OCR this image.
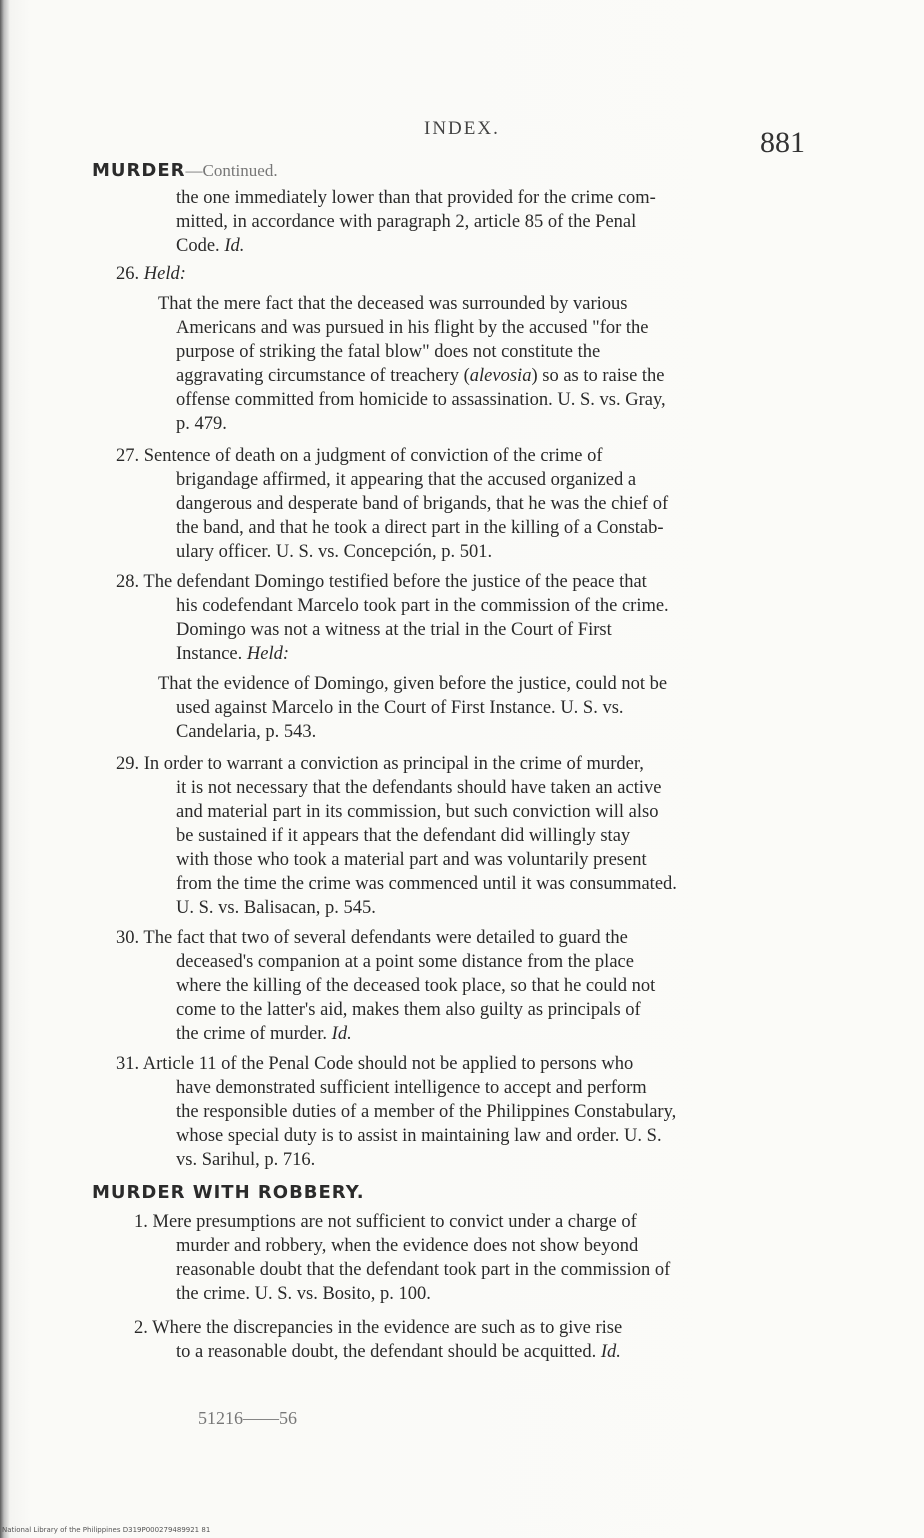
INDEX.	881
MURDER—Continued.
the one immediately lower than that provided for the crime com-
mitted, in accordance with paragraph 2, article 85 of the Penal
Code. Id.
26. Held:
That the mere fact that the deceased was surrounded by various
Americans and was pursued in his flight by the accused "for the
purpose of striking the fatal blow" does not constitute the
aggravating circumstance of treachery (alevosia) so as to raise the
offense committed from homicide to assassination. U. S. vs. Gray,
p. 479.
27. Sentence of death on a judgment of conviction of the crime of
brigandage affirmed, it appearing that the accused organized a
dangerous and desperate band of brigands, that he was the chief of
the band, and that he took a direct part in the killing of a Constab-
ulary officer. U. S. vs. Concepción, p. 501.
28. The defendant Domingo testified before the justice of the peace that
his codefendant Marcelo took part in the commission of the crime.
Domingo was not a witness at the trial in the Court of First
Instance. Held:
That the evidence of Domingo, given before the justice, could not be
used against Marcelo in the Court of First Instance. U. S. vs.
Candelaria, p. 543.
29. In order to warrant a conviction as principal in the crime of murder,
it is not necessary that the defendants should have taken an active
and material part in its commission, but such conviction will also
be sustained if it appears that the defendant did willingly stay
with those who took a material part and was voluntarily present
from the time the crime was commenced until it was consummated.
U. S. vs. Balisacan, p. 545.
30. The fact that two of several defendants were detailed to guard the
deceased's companion at a point some distance from the place
where the killing of the deceased took place, so that he could not
come to the latter's aid, makes them also guilty as principals of
the crime of murder. Id.
31. Article 11 of the Penal Code should not be applied to persons who
have demonstrated sufficient intelligence to accept and perform
the responsible duties of a member of the Philippines Constabulary,
whose special duty is to assist in maintaining law and order. U. S.
vs. Sarihul, p. 716.
MURDER WITH ROBBERY.
1. Mere presumptions are not sufficient to convict under a charge of
murder and robbery, when the evidence does not show beyond
reasonable doubt that the defendant took part in the commission of
the crime. U. S. vs. Bosito, p. 100.
2. Where the discrepancies in the evidence are such as to give rise
to a reasonable doubt, the defendant should be acquitted. Id.
51216——56
National Library of the Philippines D319P000279489921 81
